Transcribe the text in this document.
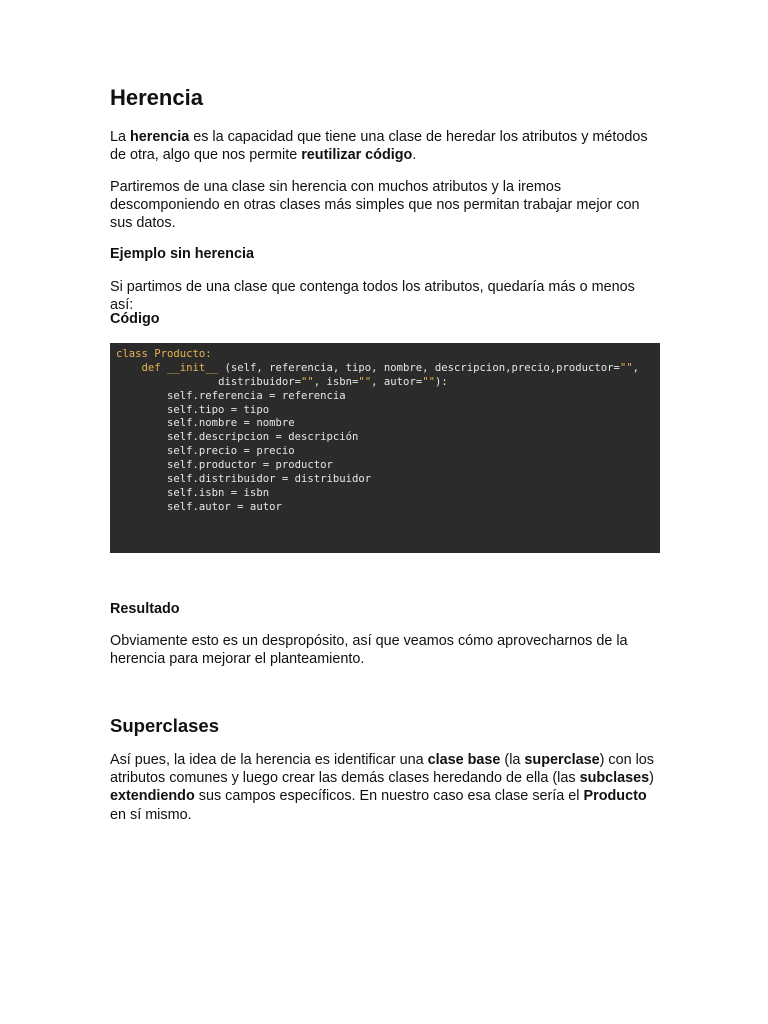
Herencia

La herencia es la capacidad que tiene una clase de heredar los atributos y métodos de otra, algo que nos permite reutilizar código.

Partiremos de una clase sin herencia con muchos atributos y la iremos descomponiendo en otras clases más simples que nos permitan trabajar mejor con sus datos.

Ejemplo sin herencia

Si partimos de una clase que contenga todos los atributos, quedaría más o menos así:

Código

class Producto:
def __init__ (self, referencia, tipo, nombre, descripcion,precio,productor="",
distribuidor="", isbn="", autor=""):
self.referencia = referencia
self.tipo = tipo
self.nombre = nombre
self.descripcion = descripción
self.precio = precio
self.productor = productor
self.distribuidor = distribuidor
self.isbn = isbn
self.autor = autor

Resultado

Obviamente esto es un despropósito, así que veamos cómo aprovecharnos de la herencia para mejorar el planteamiento.

Superclases

Así pues, la idea de la herencia es identificar una clase base (la superclase) con los atributos comunes y luego crear las demás clases heredando de ella (las subclases) extendiendo sus campos específicos. En nuestro caso esa clase sería el Producto en sí mismo.
